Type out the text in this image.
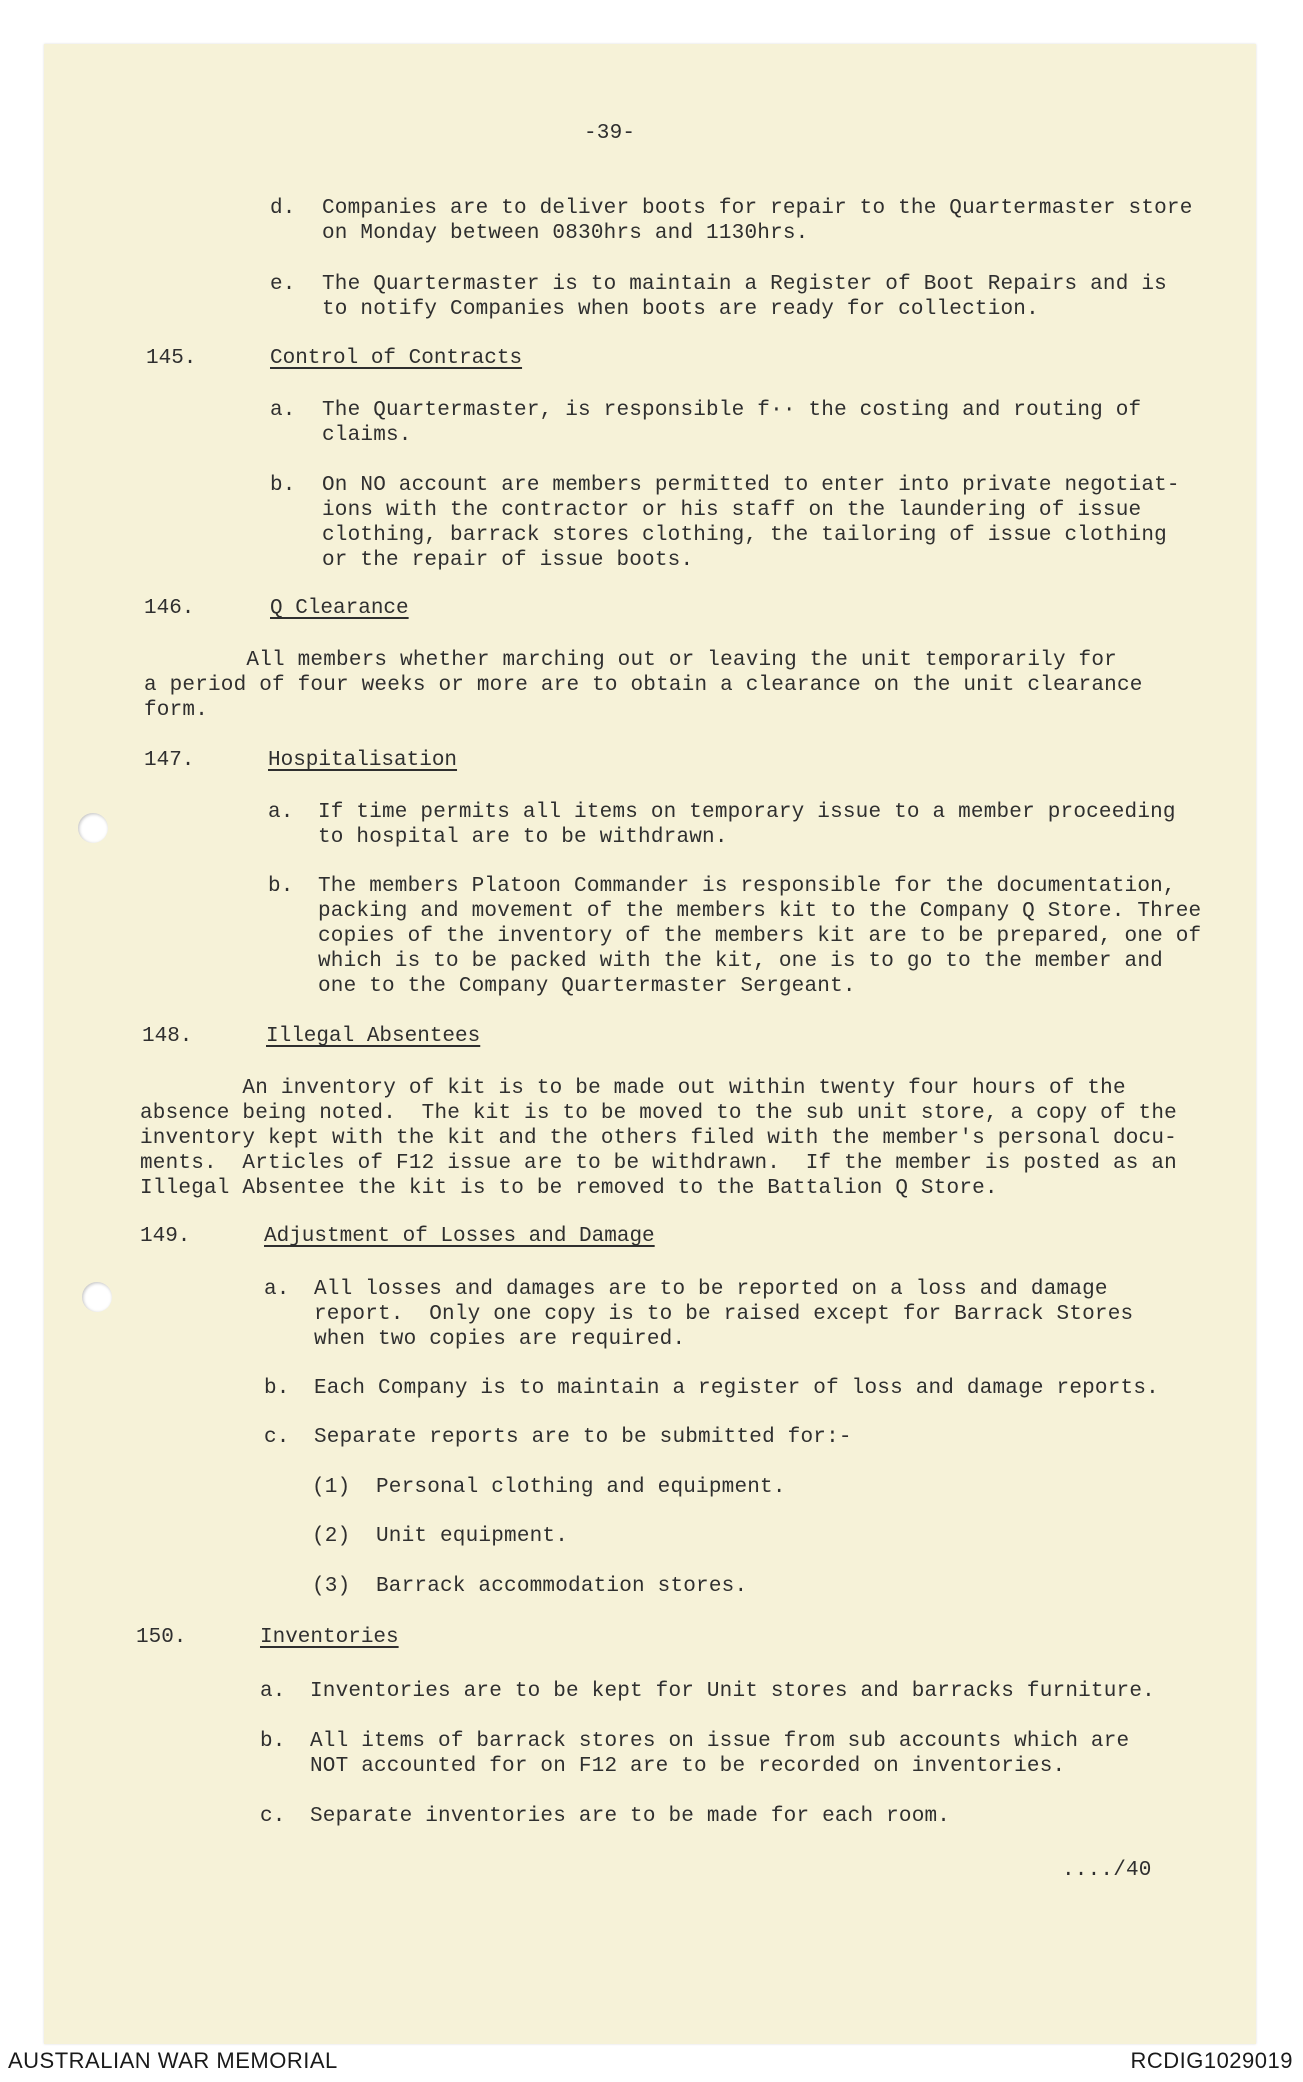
-39-
d. Companies are to deliver boots for repair to the Quartermaster store
on Monday between 0830hrs and 1130hrs.
e. The Quartermaster is to maintain a Register of Boot Repairs and is
to notify Companies when boots are ready for collection.
145.	Control of Contracts
a. The Quartermaster, is responsible f·· the costing and routing of
claims.
b. On NO account are members permitted to enter into private negotiat-
ions with the contractor or his staff on the laundering of issue
clothing, barrack stores clothing, the tailoring of issue clothing
or the repair of issue boots.
146.	Q Clearance
All members whether marching out or leaving the unit temporarily for
a period of four weeks or more are to obtain a clearance on the unit clearance
form.
147.	Hospitalisation
a. If time permits all items on temporary issue to a member proceeding
to hospital are to be withdrawn.
b. The members Platoon Commander is responsible for the documentation,
packing and movement of the members kit to the Company Q Store. Three
copies of the inventory of the members kit are to be prepared, one of
which is to be packed with the kit, one is to go to the member and
one to the Company Quartermaster Sergeant.
148.	Illegal Absentees
An inventory of kit is to be made out within twenty four hours of the
absence being noted.  The kit is to be moved to the sub unit store, a copy of the
inventory kept with the kit and the others filed with the member's personal docu-
ments.  Articles of F12 issue are to be withdrawn.  If the member is posted as an
Illegal Absentee the kit is to be removed to the Battalion Q Store.
149.	Adjustment of Losses and Damage
a. All losses and damages are to be reported on a loss and damage
report.  Only one copy is to be raised except for Barrack Stores
when two copies are required.
b. Each Company is to maintain a register of loss and damage reports.
c. Separate reports are to be submitted for:-
(1) Personal clothing and equipment.
(2) Unit equipment.
(3) Barrack accommodation stores.
150.	Inventories
a. Inventories are to be kept for Unit stores and barracks furniture.
b. All items of barrack stores on issue from sub accounts which are
NOT accounted for on F12 are to be recorded on inventories.
c. Separate inventories are to be made for each room.
..../40
AUSTRALIAN WAR MEMORIAL	RCDIG1029019
